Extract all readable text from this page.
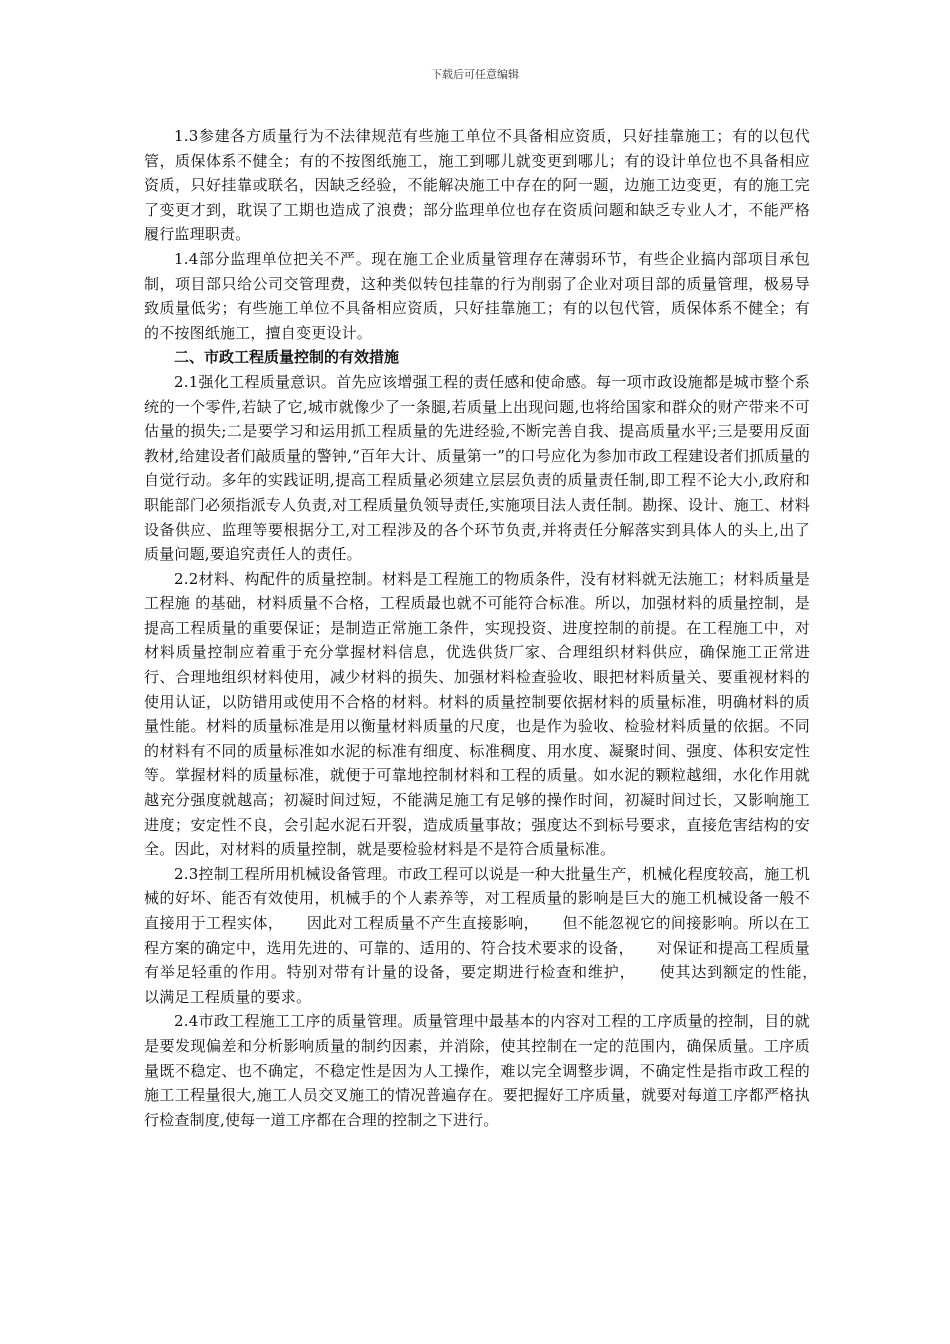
下载后可任意编辑

1.3参建各方质量行为不法律规范有些施工单位不具备相应资质，只好挂靠施工；有的以包代管，质保体系不健全；有的不按图纸施工，施工到哪儿就变更到哪儿；有的设计单位也不具备相应资质，只好挂靠或联名，因缺乏经验，不能解决施工中存在的阿一题，边施工边变更，有的施工完了变更才到，耽误了工期也造成了浪费；部分监理单位也存在资质问题和缺乏专业人才，不能严格履行监理职责。

1.4部分监理单位把关不严。现在施工企业质量管理存在薄弱环节，有些企业搞内部项目承包制，项目部只给公司交管理费，这种类似转包挂靠的行为削弱了企业对项目部的质量管理，极易导致质量低劣；有些施工单位不具备相应资质，只好挂靠施工；有的以包代管，质保体系不健全；有的不按图纸施工，擅自变更设计。

二、市政工程质量控制的有效措施

2.1强化工程质量意识。首先应该增强工程的责任感和使命感。每一项市政设施都是城市整个系统的一个零件,若缺了它,城市就像少了一条腿,若质量上出现问题,也将给国家和群众的财产带来不可估量的损失;二是要学习和运用抓工程质量的先进经验,不断完善自我、提高质量水平;三是要用反面教材,给建设者们敲质量的警钟,“百年大计、质量第一”的口号应化为参加市政工程建设者们抓质量的自觉行动。多年的实践证明,提高工程质量必须建立层层负责的质量责任制,即工程不论大小,政府和职能部门必须指派专人负责,对工程质量负领导责任,实施项目法人责任制。勘探、设计、施工、材料设备供应、监理等要根据分工,对工程涉及的各个环节负责,并将责任分解落实到具体人的头上,出了质量问题,要追究责任人的责任。

2.2材料、构配件的质量控制。材料是工程施工的物质条件，没有材料就无法施工；材料质量是工程施 的基础，材料质量不合格，工程质最也就不可能符合标准。所以，加强材料的质量控制，是提高工程质量的重要保证；是制造正常施工条件，实现投资、进度控制的前提。在工程施工中，对材料质量控制应着重于充分掌握材料信息，优选供货厂家、合理组织材料供应，确保施工正常进行、合理地组织材料使用，减少材料的损失、加强材料检查验收、眼把材料质量关、要重视材料的使用认证，以防错用或使用不合格的材料。材料的质量控制要依据材料的质量标准，明确材料的质量性能。材料的质量标准是用以衡量材料质量的尺度，也是作为验收、检验材料质量的依据。不同的材料有不同的质量标准如水泥的标准有细度、标准稠度、用水度、凝聚时间、强度、体积安定性等。掌握材料的质量标准，就便于可靠地控制材料和工程的质量。如水泥的颗粒越细，水化作用就越充分强度就越高；初凝时间过短，不能满足施工有足够的操作时间，初凝时间过长，又影响施工进度；安定性不良，会引起水泥石开裂，造成质量事故；强度达不到标号要求，直接危害结构的安全。因此，对材料的质量控制，就是要检验材料是不是符合质量标准。

2.3控制工程所用机械设备管理。市政工程可以说是一种大批量生产，机械化程度较高，施工机械的好坏、能否有效使用，机械手的个人素养等，对工程质量的影响是巨大的施工机械设备一般不直接用于工程实体，　　因此对工程质量不产生直接影响，　　但不能忽视它的间接影响。所以在工程方案的确定中，选用先进的、可靠的、适用的、符合技术要求的设备，　　对保证和提高工程质量有举足轻重的作用。特别对带有计量的设备，要定期进行检查和维护，　　使其达到额定的性能，　　以满足工程质量的要求。

2.4市政工程施工工序的质量管理。质量管理中最基本的内容对工程的工序质量的控制，目的就是要发现偏差和分析影响质量的制约因素，并消除，使其控制在一定的范围内，确保质量。工序质量既不稳定、也不确定，不稳定性是因为人工操作，难以完全调整步调，不确定性是指市政工程的施工工程量很大,施工人员交叉施工的情况普遍存在。要把握好工序质量，就要对每道工序都严格执行检查制度,使每一道工序都在合理的控制之下进行。
